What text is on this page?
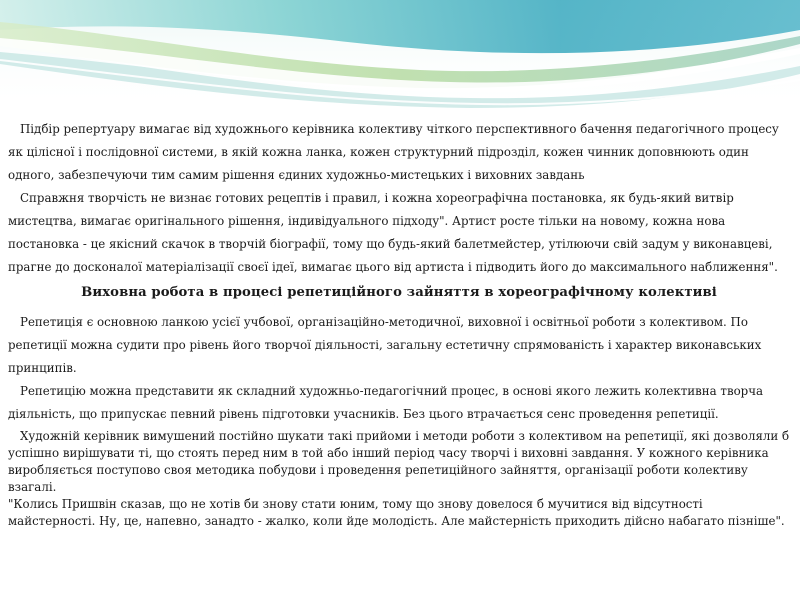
Підбір репертуару вимагає від художнього керівника колективу чіткого перспективного бачення педагогічного процесу як цілісної і послідовної системи, в якій кожна ланка, кожен структурний підрозділ, кожен чинник доповнюють один одного, забезпечуючи тим самим рішення єдиних художньо-мистецьких і виховних завдань

Справжня творчість не визнає готових рецептів і правил, і кожна хореографічна постановка, як будь-який витвір мистецтва, вимагає оригінального рішення, індивідуального підходу". Артист росте тільки на новому, кожна нова постановка - це якісний скачок в творчій біографії, тому що будь-який балетмейстер, утілюючи свій задум у виконавцеві, прагне до досконалої матеріалізації своєї ідеї, вимагає цього від артиста і підводить його до максимального наближення".

Виховна робота в процесі репетиційного зайняття в хореографічному колективі

Репетиція є основною ланкою усієї учбової, організаційно-методичної, виховної і освітньої роботи з колективом. По репетиції можна судити про рівень його творчої діяльності, загальну естетичну спрямованість і характер виконавських принципів.

Репетицію можна представити як складний художньо-педагогічний процес, в основі якого лежить колективна творча діяльність, що припускає певний рівень підготовки учасників. Без цього втрачається сенс проведення репетиції.

Художній керівник вимушений постійно шукати такі прийоми і методи роботи з колективом на репетиції, які дозволяли б успішно вирішувати ті, що стоять перед ним в той або інший період часу творчі і виховні завдання. У кожного керівника виробляється поступово своя методика побудови і проведення репетиційного зайняття, організації роботи колективу взагалі.

"Колись Пришвін сказав, що не хотів би знову стати юним, тому що знову довелося б мучитися від відсутності майстерності. Ну, це, напевно, занадто - жалко, коли йде молодість. Але майстерність приходить дійсно набагато пізніше".
